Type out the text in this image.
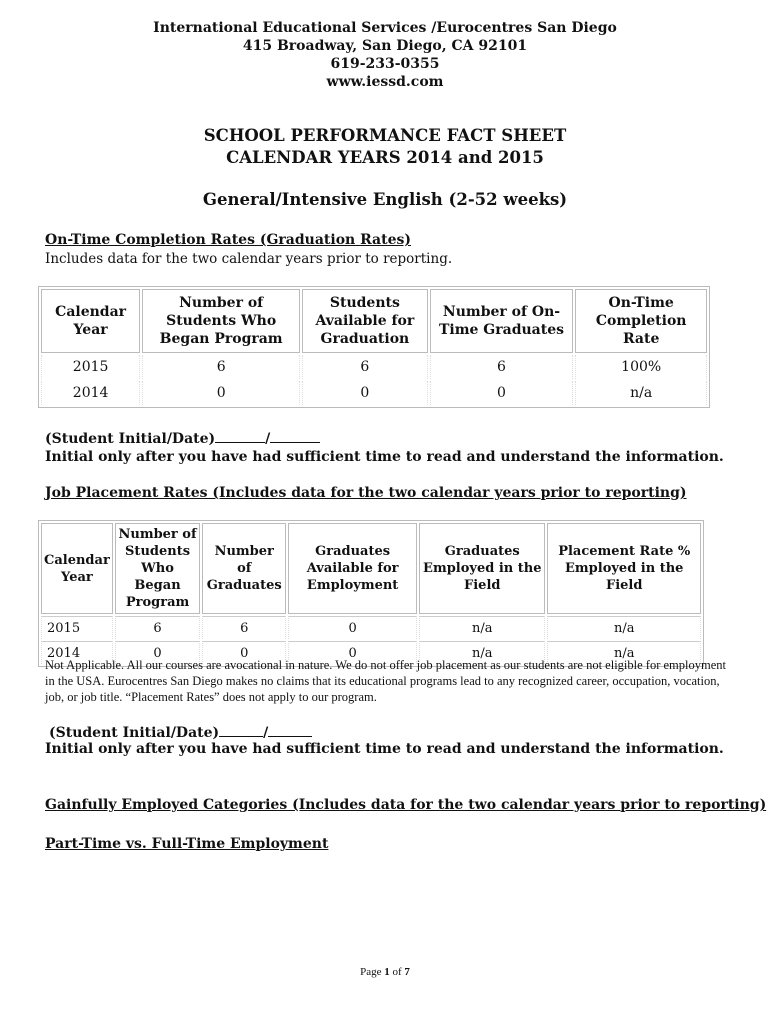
International Educational Services /Eurocentres San Diego
415 Broadway, San Diego, CA 92101
619-233-0355
www.iessd.com
SCHOOL PERFORMANCE FACT SHEET
CALENDAR YEARS 2014 and 2015
General/Intensive English (2-52 weeks)
On-Time Completion Rates (Graduation Rates)
Includes data for the two calendar years prior to reporting.
Calendar Year	Number of Students Who Began Program	Students Available for Graduation	Number of On-Time Graduates	On-Time Completion Rate
2015	6	6	6	100%
2014	0	0	0	n/a
(Student Initial/Date)	/
Initial only after you have had sufficient time to read and understand the information.
Job Placement Rates (Includes data for the two calendar years prior to reporting)
Calendar Year	Number of Students Who Began Program	Number of Graduates	Graduates Available for Employment	Graduates Employed in the Field	Placement Rate % Employed in the Field
2015	6	6	0	n/a	n/a
2014	0	0	0	n/a	n/a
Not Applicable. All our courses are avocational in nature. We do not offer job placement as our students are not eligible for employment in the USA. Eurocentres San Diego makes no claims that its educational programs lead to any recognized career, occupation, vocation, job, or job title. “Placement Rates” does not apply to our program.
(Student Initial/Date)	/
Initial only after you have had sufficient time to read and understand the information.
Gainfully Employed Categories (Includes data for the two calendar years prior to reporting)
Part-Time vs. Full-Time Employment
Page 1 of 7
